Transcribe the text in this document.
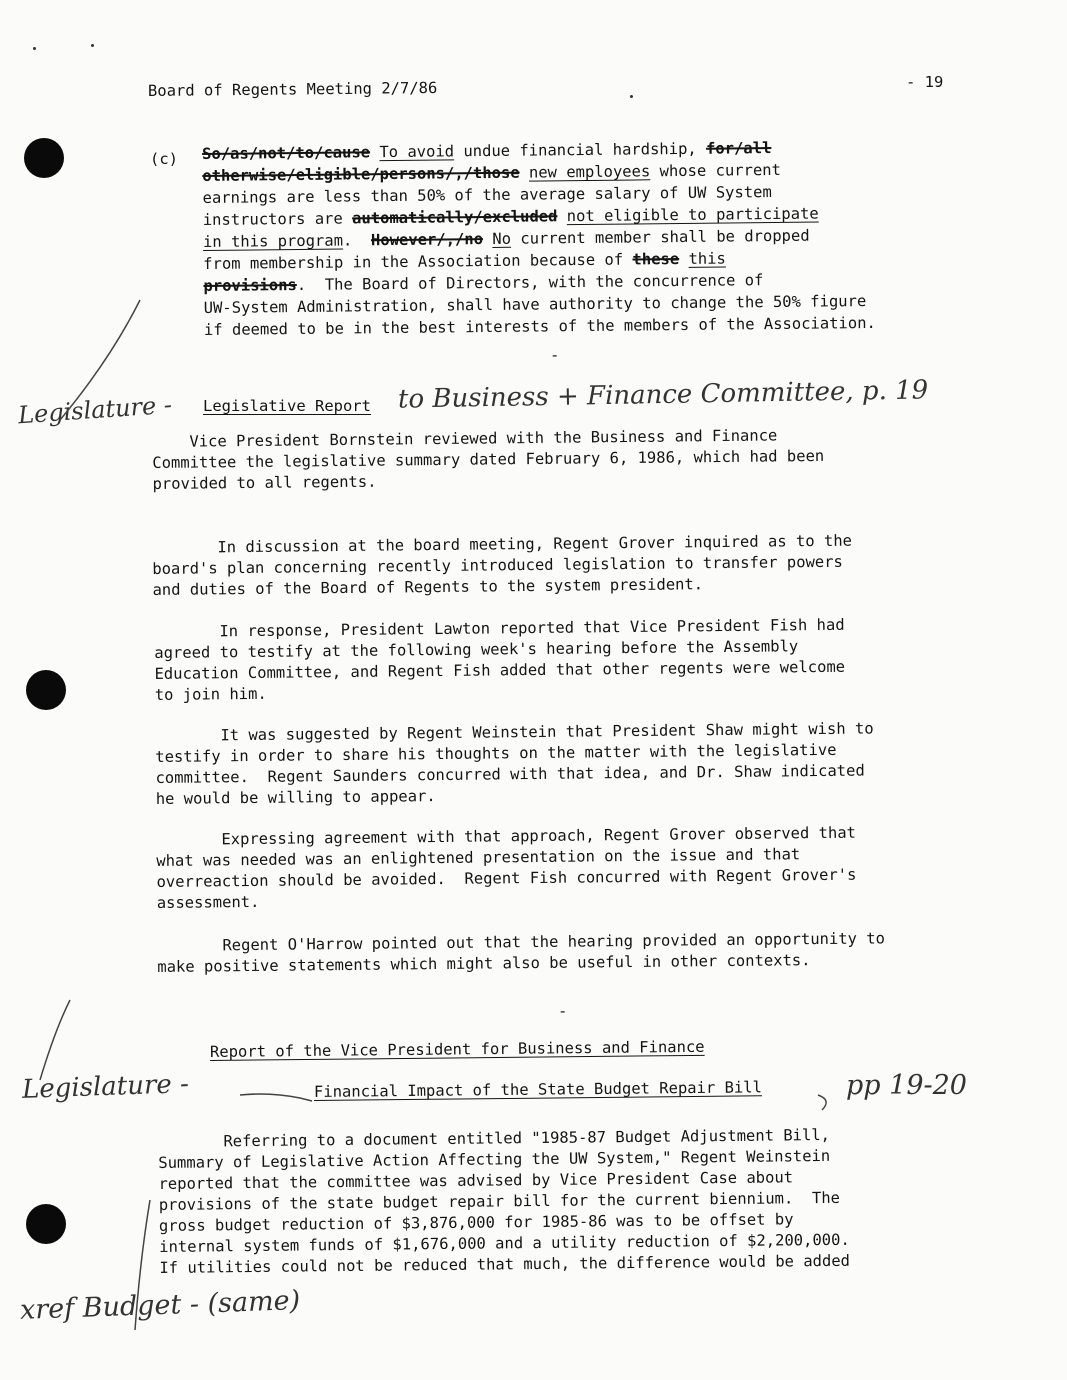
Board of Regents Meeting 2/7/86	- 19
(c) So/as/not/to/cause To avoid undue financial hardship, for/all
otherwise/eligible/persons/,/those new employees whose current
earnings are less than 50% of the average salary of UW System
instructors are automatically/excluded not eligible to participate
in this program.  However/,/no No current member shall be dropped
from membership in the Association because of these this
provisions.  The Board of Directors, with the concurrence of
UW-System Administration, shall have authority to change the 50% figure
if deemed to be in the best interests of the members of the Association.
-
Legislature - Legislative Report to Business + Finance Committee, p. 19
Vice President Bornstein reviewed with the Business and Finance
Committee the legislative summary dated February 6, 1986, which had been
provided to all regents.
In discussion at the board meeting, Regent Grover inquired as to the
board's plan concerning recently introduced legislation to transfer powers
and duties of the Board of Regents to the system president.
In response, President Lawton reported that Vice President Fish had
agreed to testify at the following week's hearing before the Assembly
Education Committee, and Regent Fish added that other regents were welcome
to join him.
It was suggested by Regent Weinstein that President Shaw might wish to
testify in order to share his thoughts on the matter with the legislative
committee.  Regent Saunders concurred with that idea, and Dr. Shaw indicated
he would be willing to appear.
Expressing agreement with that approach, Regent Grover observed that
what was needed was an enlightened presentation on the issue and that
overreaction should be avoided.  Regent Fish concurred with Regent Grover's
assessment.
Regent O'Harrow pointed out that the hearing provided an opportunity to
make positive statements which might also be useful in other contexts.
-
Report of the Vice President for Business and Finance
Legislature -	Financial Impact of the State Budget Repair Bill	pp 19-20
Referring to a document entitled "1985-87 Budget Adjustment Bill,
Summary of Legislative Action Affecting the UW System," Regent Weinstein
reported that the committee was advised by Vice President Case about
provisions of the state budget repair bill for the current biennium.  The
gross budget reduction of $3,876,000 for 1985-86 was to be offset by
internal system funds of $1,676,000 and a utility reduction of $2,200,000.
If utilities could not be reduced that much, the difference would be added
xref Budget - (same)
